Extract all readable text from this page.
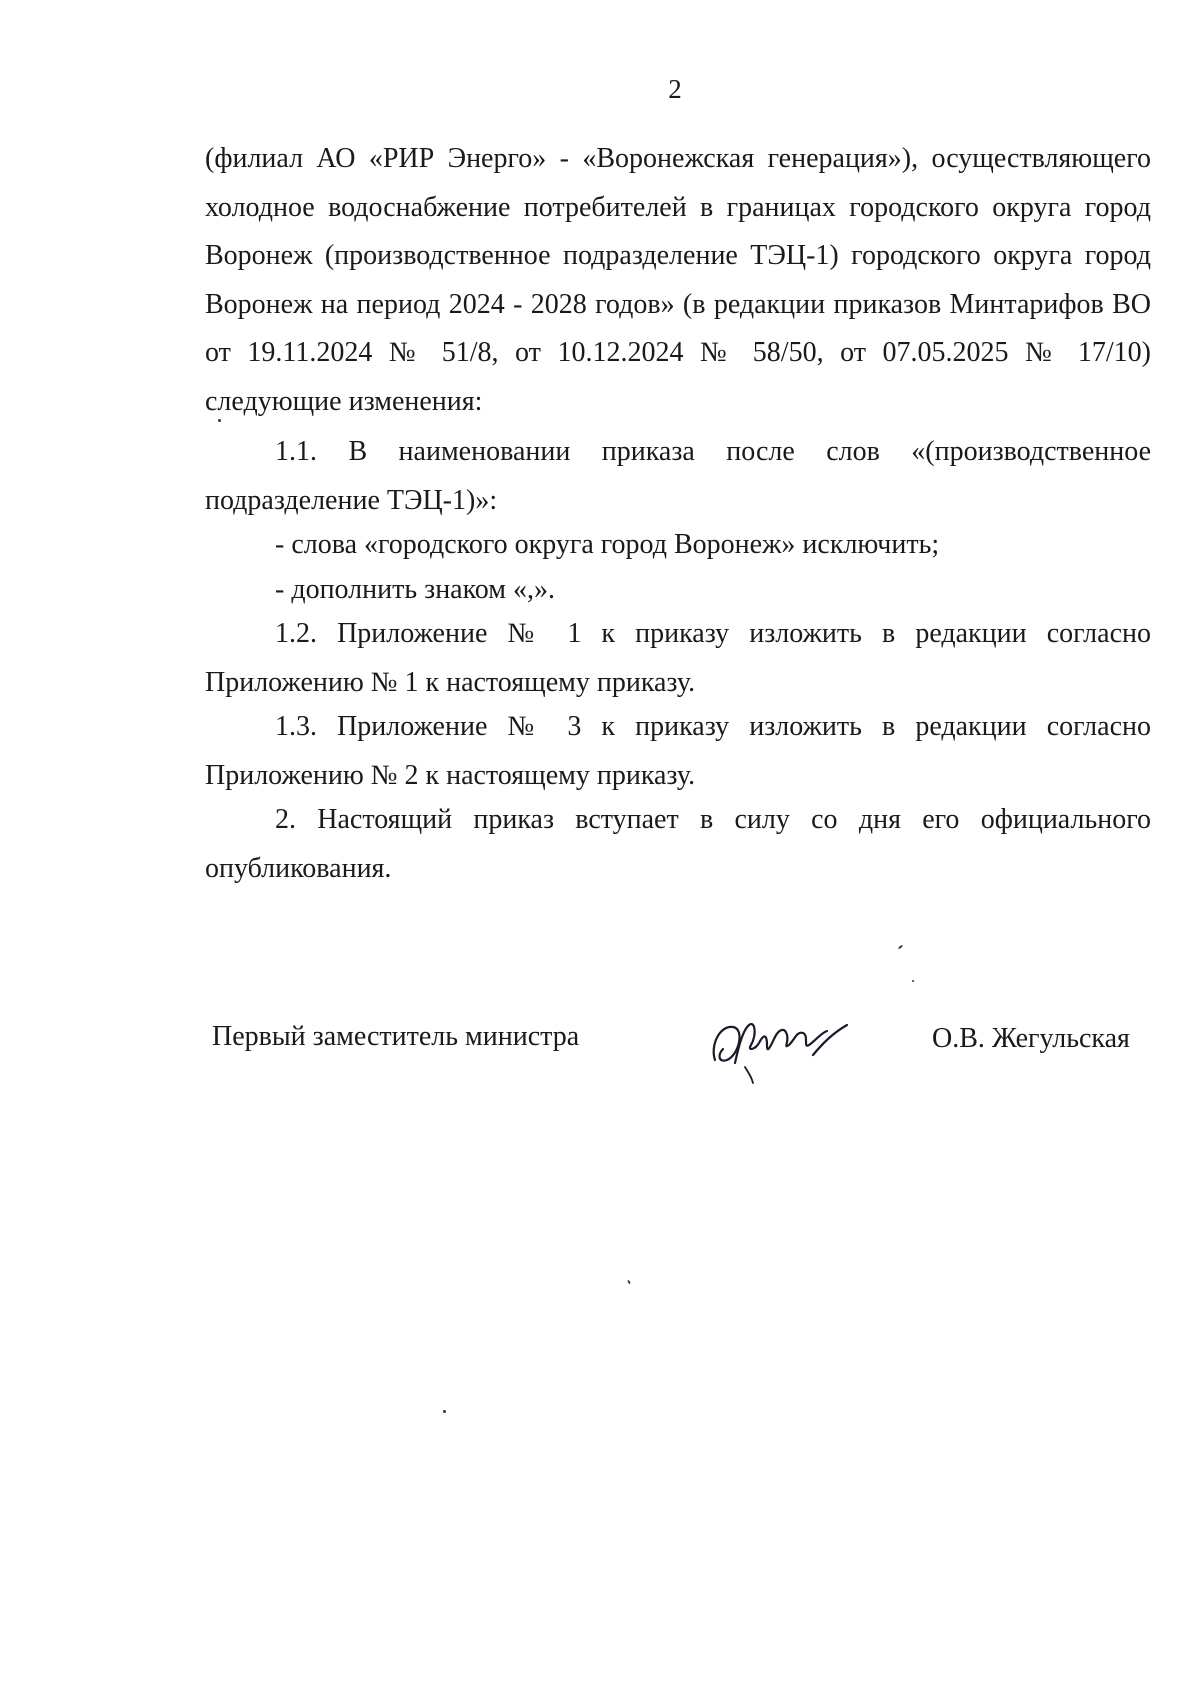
2

(филиал АО «РИР Энерго» - «Воронежская генерация»), осуществляющего холодное водоснабжение потребителей в границах городского округа город Воронеж (производственное подразделение ТЭЦ-1) городского округа город Воронеж на период 2024 - 2028 годов» (в редакции приказов Минтарифов ВО от 19.11.2024 № 51/8, от 10.12.2024 № 58/50, от 07.05.2025 № 17/10) следующие изменения:

1.1. В наименовании приказа после слов «(производственное подразделение ТЭЦ-1)»:

- слова «городского округа город Воронеж» исключить;

- дополнить знаком «,».

1.2. Приложение № 1 к приказу изложить в редакции согласно Приложению № 1 к настоящему приказу.

1.3. Приложение № 3 к приказу изложить в редакции согласно Приложению № 2 к настоящему приказу.

2. Настоящий приказ вступает в силу со дня его официального опубликования.

Первый заместитель министра	О.В. Жегульская
